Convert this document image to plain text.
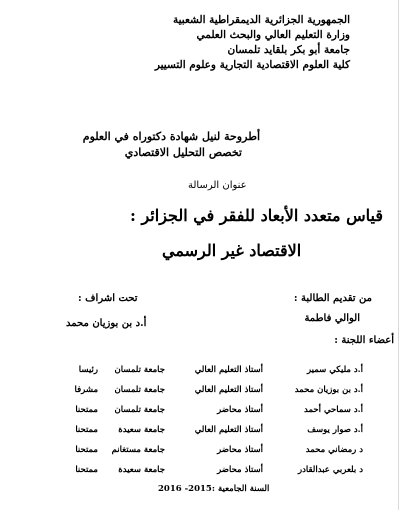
الجمهورية الجزائرية الديمقراطية الشعبية
وزارة التعليم العالي والبحث العلمي
جامعة أبو بكر بلقايد تلمسان
كلية العلوم الاقتصادية التجارية وعلوم التسيير
أطروحة لنيل شهادة دكتوراه في العلوم
تخصص التحليل الاقتصادي
عنوان الرسالة
قياس متعدد الأبعاد للفقر في الجزائر :
الاقتصاد غير الرسمي
من تقديم الطالبة :
الوالي فاطمة
تحت اشراف :
أ.د بن بوزيان محمد
أعضاء اللجنة :
أ.د مليكي سمير
أستاذ التعليم العالي
جامعة تلمسان
رئيسا
أ.د بن بوزيان محمد
أستاذ التعليم العالي
جامعة تلمسان
مشرفا
أ.د سماحي أحمد
أستاذ محاضر
جامعة تلمسان
ممتحنا
أ.د صوار يوسف
أستاذ التعليم العالي
جامعة سعيدة
ممتحنا
د رمضاني محمد
أستاذ محاضر
جامعة مستغانم
ممتحنا
د بلعربي عبدالقادر
أستاذ محاضر
جامعة سعيدة
ممتحنا
السنة الجامعية :2015- 2016
